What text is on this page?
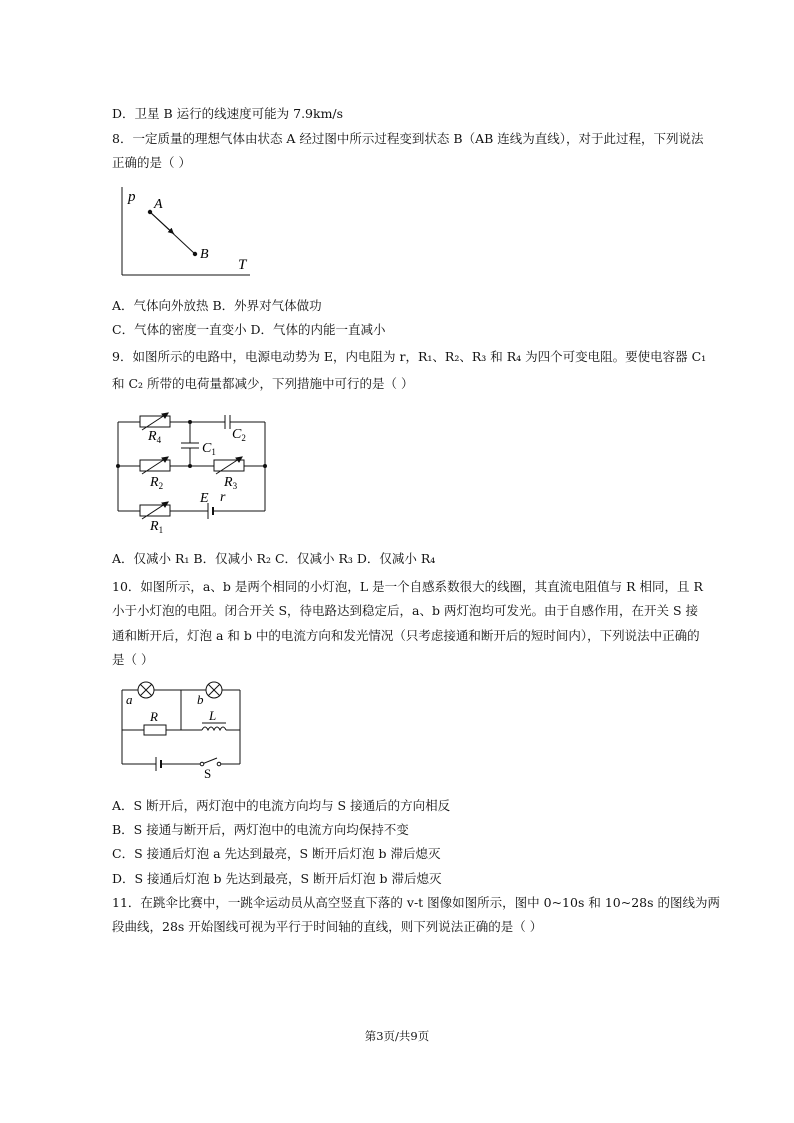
D．卫星 B 运行的线速度可能为 7.9km/s
8．一定质量的理想气体由状态 A 经过图中所示过程变到状态 B（AB 连线为直线），对于此过程，下列说法
正确的是（ ）
p
T
A
B
A．气体向外放热 B．外界对气体做功
C．气体的密度一直变小 D．气体的内能一直减小
9．如图所示的电路中，电源电动势为 E，内电阻为 r，R₁、R₂、R₃ 和 R₄ 为四个可变电阻。要使电容器 C₁
和 C₂ 所带的电荷量都减少，下列措施中可行的是（ ）
$R_4$	$C_2$
$C_1$
$R_2$	$R_3$
E r
$R_1$
A．仅减小 R₁ B．仅减小 R₂ C．仅减小 R₃ D．仅减小 R₄
10．如图所示，a、b 是两个相同的小灯泡，L 是一个自感系数很大的线圈，其直流电阻值与 R 相同，且 R
小于小灯泡的电阻。闭合开关 S，待电路达到稳定后，a、b 两灯泡均可发光。由于自感作用，在开关 S 接
通和断开后，灯泡 a 和 b 中的电流方向和发光情况（只考虑接通和断开后的短时间内），下列说法中正确的
是（ ）
a	b
R	L
S
A．S 断开后，两灯泡中的电流方向均与 S 接通后的方向相反
B．S 接通与断开后，两灯泡中的电流方向均保持不变
C．S 接通后灯泡 a 先达到最亮，S 断开后灯泡 b 滞后熄灭
D．S 接通后灯泡 b 先达到最亮，S 断开后灯泡 b 滞后熄灭
11．在跳伞比赛中，一跳伞运动员从高空竖直下落的 v-t 图像如图所示，图中 0~10s 和 10~28s 的图线为两
段曲线，28s 开始图线可视为平行于时间轴的直线，则下列说法正确的是（ ）
第3页/共9页
